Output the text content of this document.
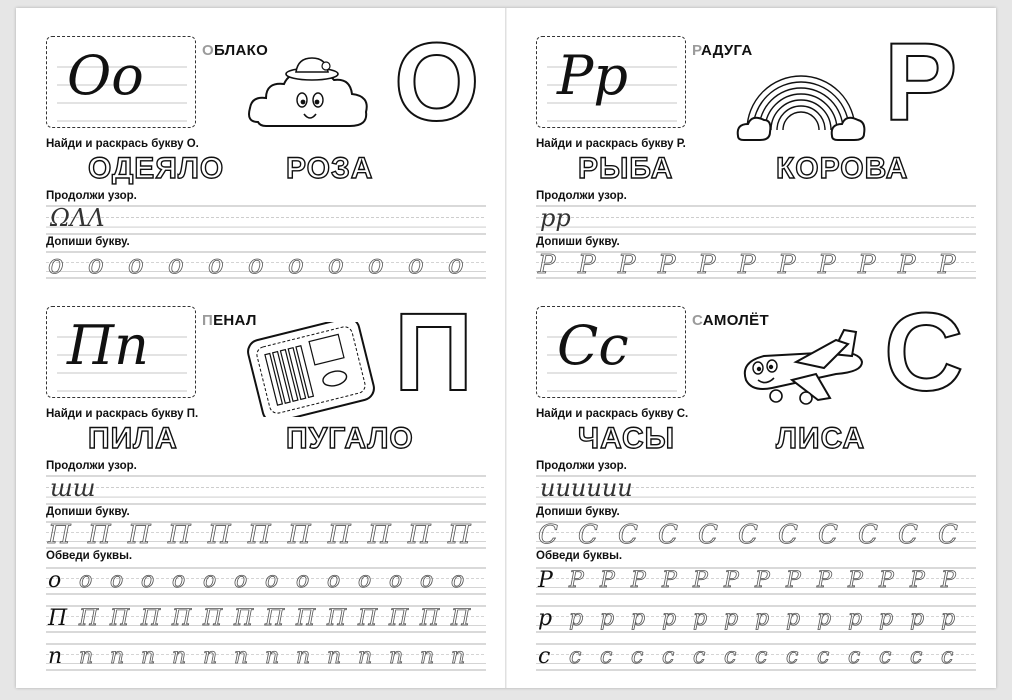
Оо	ОБЛАКО О
Найди и раскрась букву О.
ОДЕЯЛО РОЗА
Продолжи узор.
ΩΛΛ
Допиши букву.
о о о о о о о о о о о
Пп	ПЕНАЛ П
Найди и раскрась букву П.
ПИЛА	ПУГАЛО
Продолжи узор.
шш
Допиши букву.
П П П П П П П П П П П
Обведи буквы.
о о о о о о о о о о о о о о
П П П П П П П П П П П П П П
п п п п п п п п п п п п п п
Рр	РАДУГА Р
Найди и раскрась букву Р.
РЫБА	КОРОВА
Продолжи узор.
рр
Допиши букву.
Р Р Р Р Р Р Р Р Р Р Р
Сс	САМОЛЁТ С
Найди и раскрась букву С.
ЧАСЫ	ЛИСА
Продолжи узор.
ииииии
Допиши букву.
С С С С С С С С С С С
Обведи буквы.
Р Р Р Р Р Р Р Р Р Р Р Р Р Р
р р р р р р р р р р р р р р
с с с с с с с с с с с с с с
